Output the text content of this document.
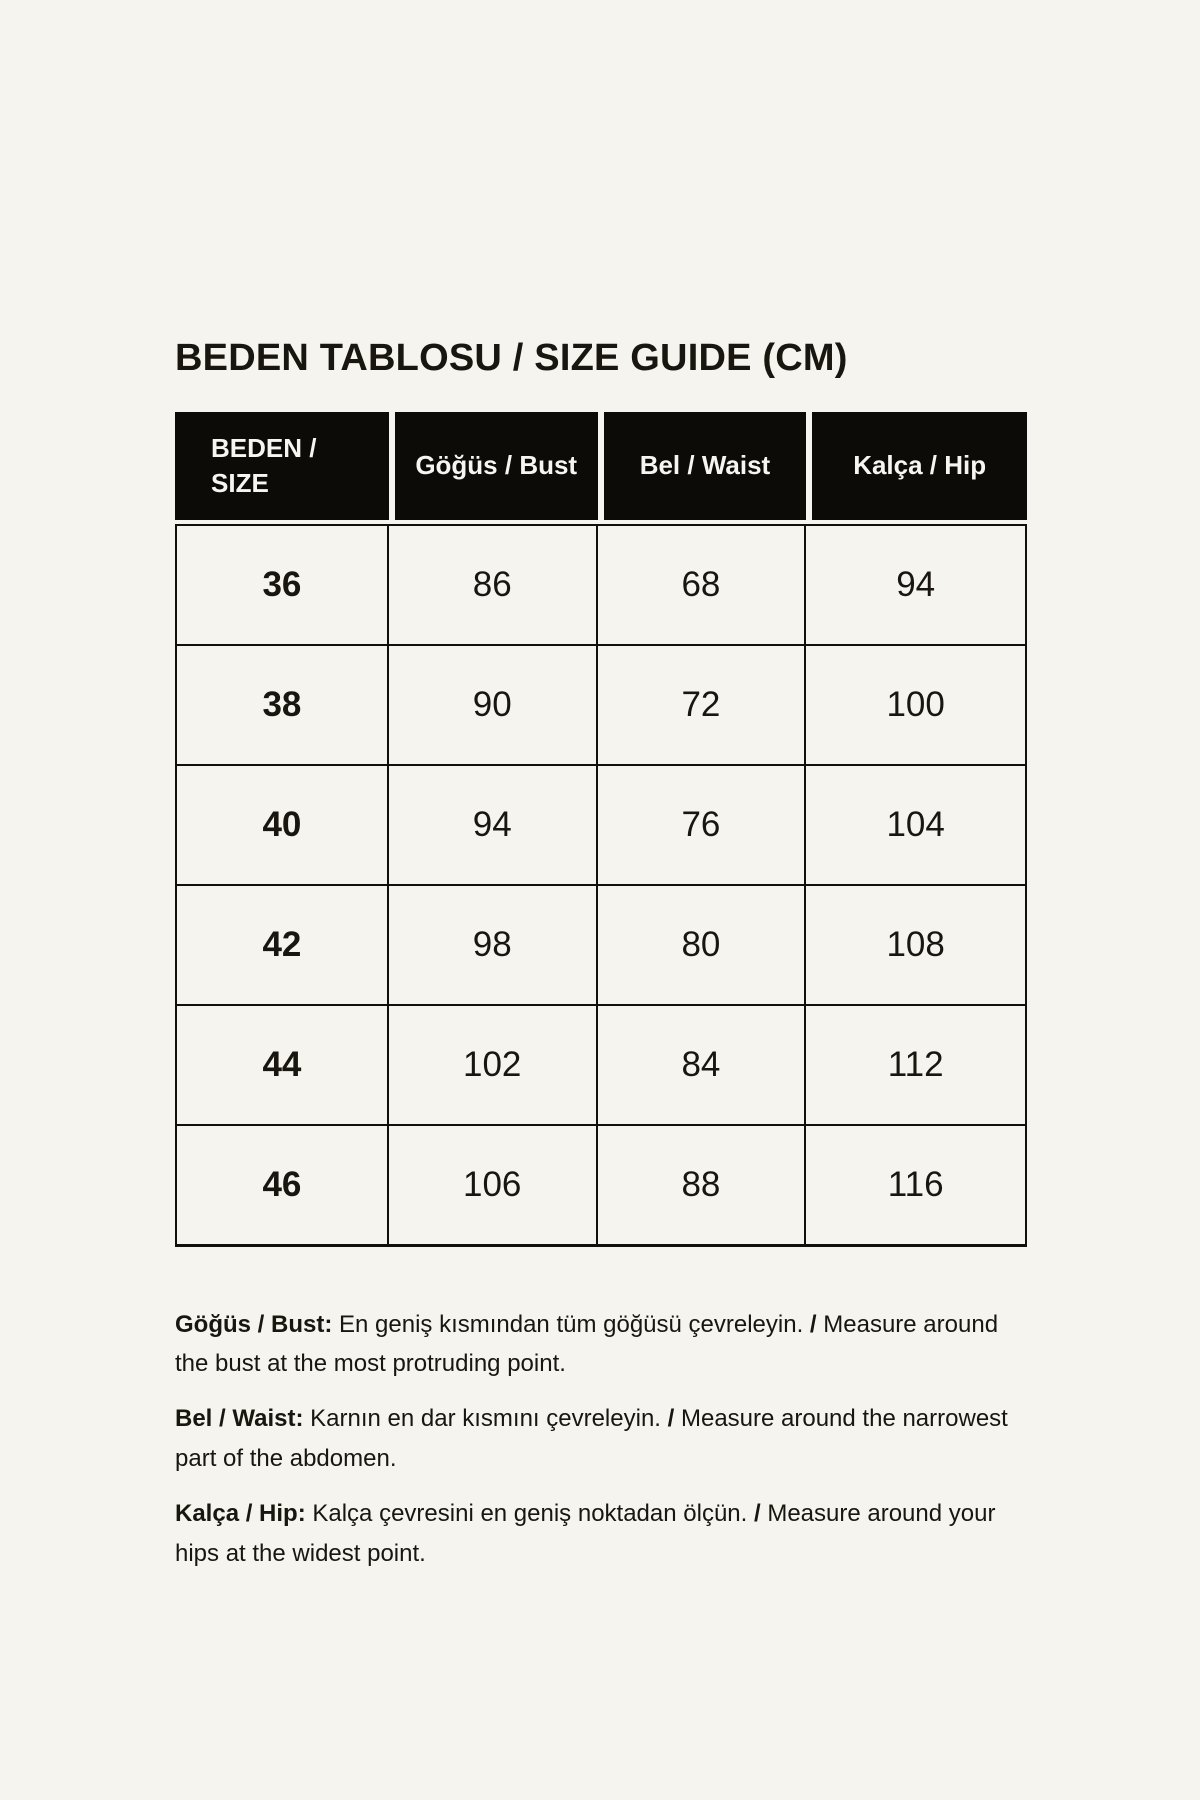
BEDEN TABLOSU / SIZE GUIDE (CM)
BEDEN / SIZE	Göğüs / Bust	Bel / Waist	Kalça / Hip
36	86	68	94
38	90	72	100
40	94	76	104
42	98	80	108
44	102	84	112
46	106	88	116

Göğüs / Bust: En geniş kısmından tüm göğüsü çevreleyin. / Measure around the bust at the most protruding point.

Bel / Waist: Karnın en dar kısmını çevreleyin. / Measure around the narrowest part of the abdomen.

Kalça / Hip: Kalça çevresini en geniş noktadan ölçün. / Measure around your hips at the widest point.
